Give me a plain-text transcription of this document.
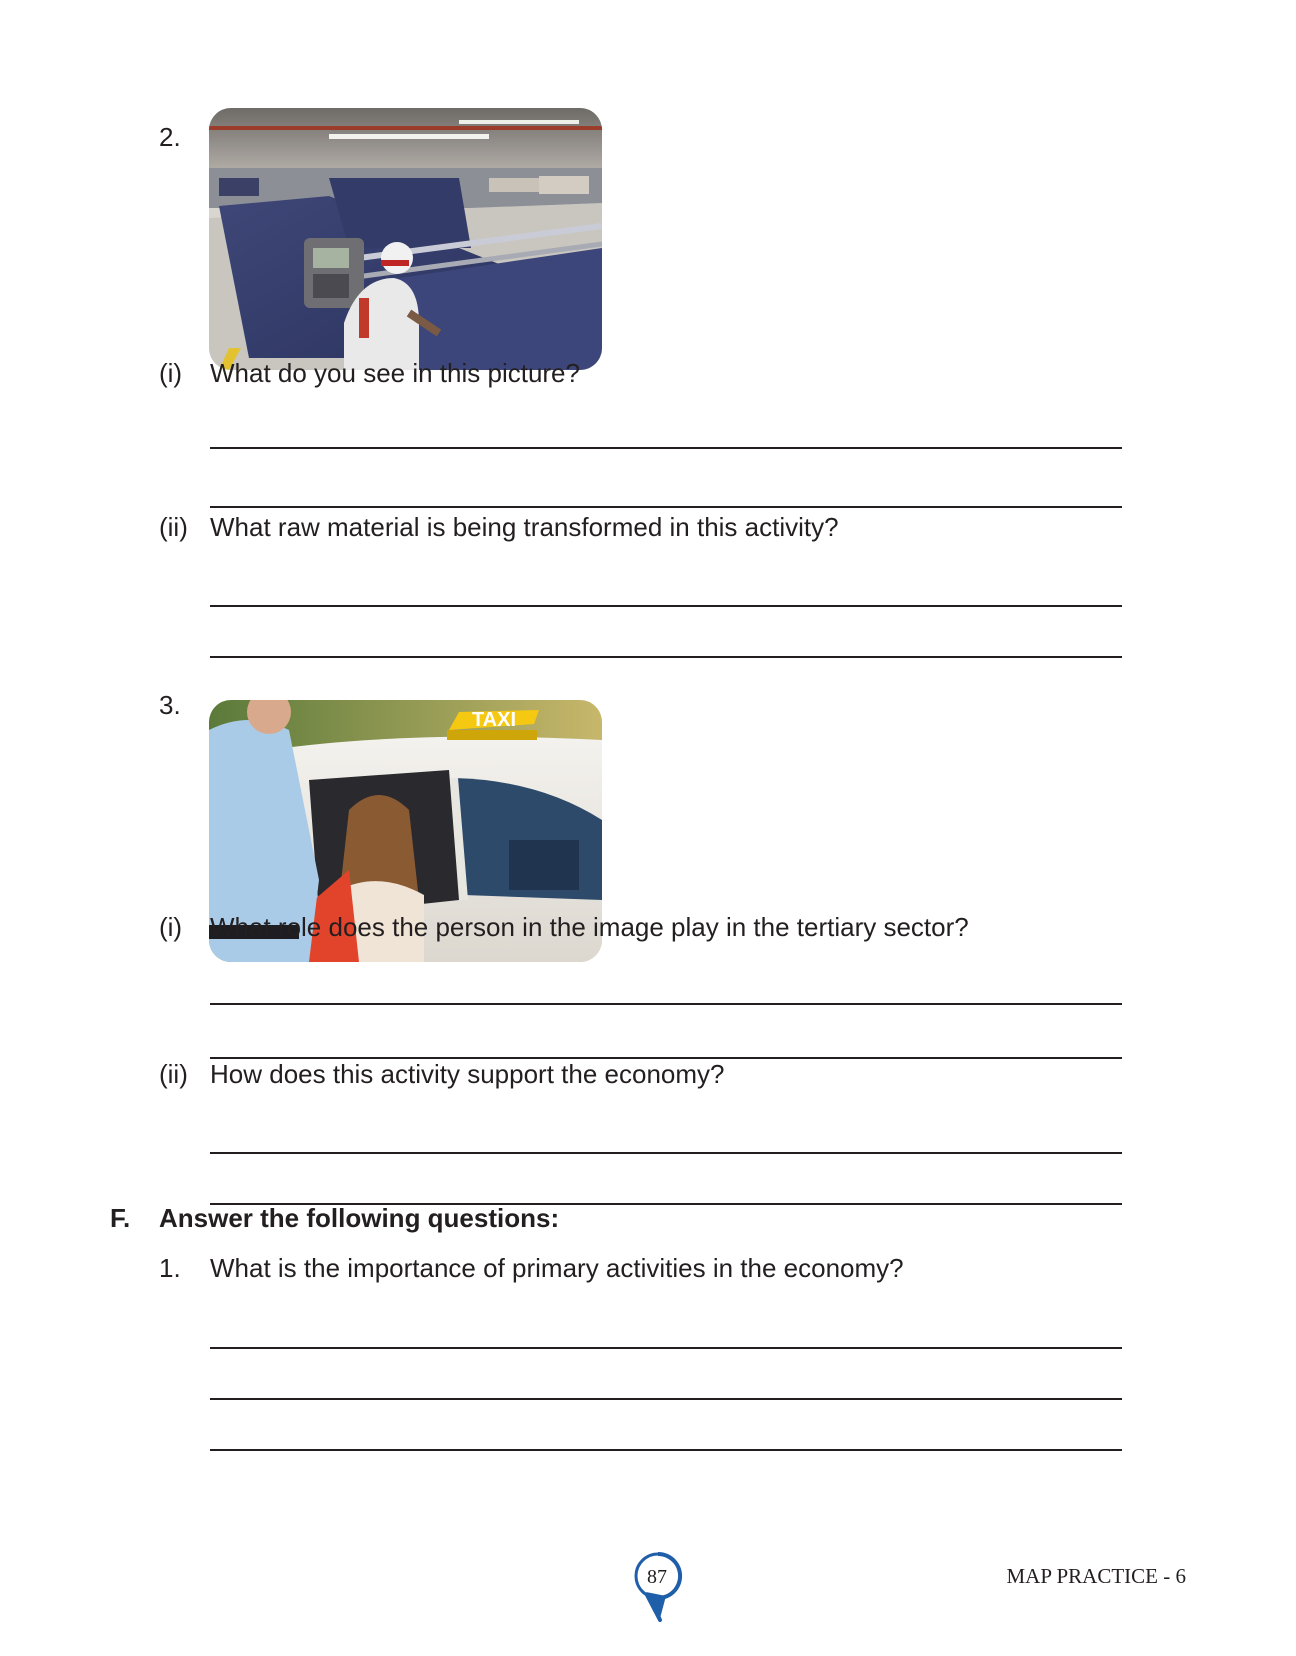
2.
(i) What do you see in this picture?
(ii) What raw material is being transformed in this activity?
3.	TAXI
(i) What role does the person in the image play in the tertiary sector?
(ii) How does this activity support the economy?
F. Answer the following questions:
1. What is the importance of primary activities in the economy?
87	MAP PRACTICE - 6
